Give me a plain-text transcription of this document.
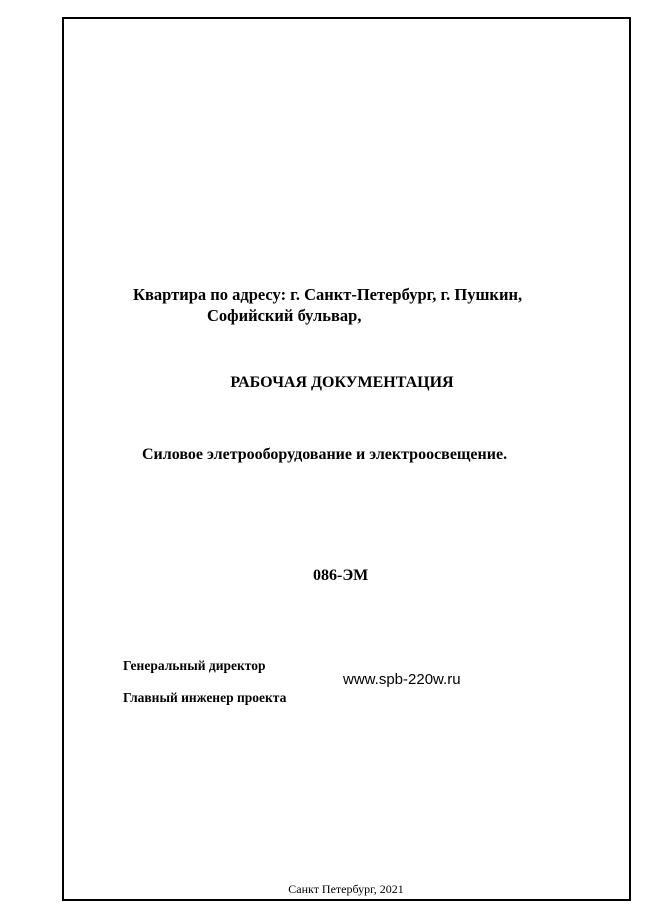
Квартира по адресу: г. Санкт-Петербург, г. Пушкин,
Софийский бульвар,
РАБОЧАЯ ДОКУМЕНТАЦИЯ
Силовое элетрооборудование и электроосвещение.
086-ЭМ
Генеральный директор
Главный инженер проекта
www.spb-220w.ru
Санкт Петербург, 2021
